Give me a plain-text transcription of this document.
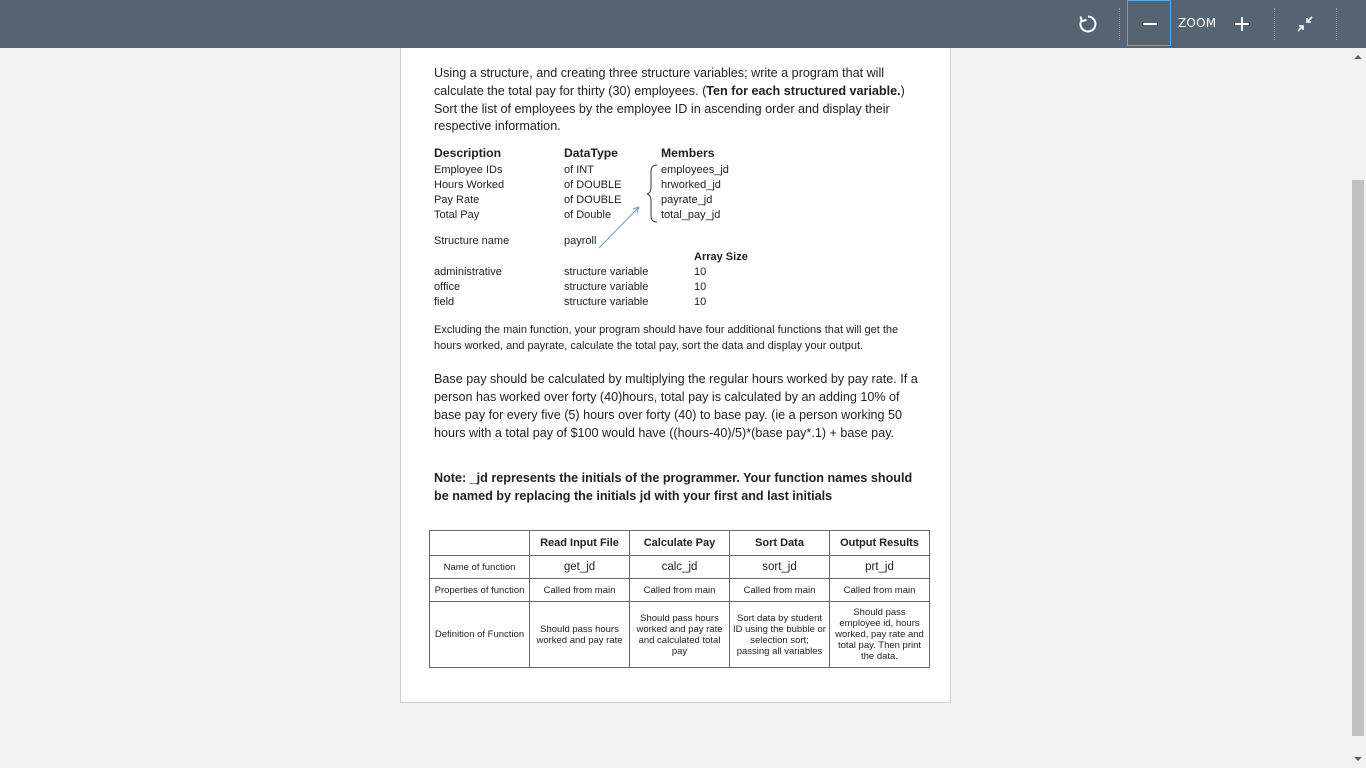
ZOOM
Using a structure, and creating three structure variables; write a program that will calculate the total pay for thirty (30) employees. (Ten for each structured variable.) Sort the list of employees by the employee ID in ascending order and display their respective information.
Description	DataType	Members
Employee IDs	of INT	employees_jd
Hours Worked	of DOUBLE	hrworked_jd
Pay Rate	of DOUBLE	payrate_jd
Total Pay	of Double	total_pay_jd
Structure name	payroll
Array Size
administrative	structure variable	10
office	structure variable	10
field	structure variable	10
Excluding the main function, your program should have four additional functions that will get the hours worked, and payrate, calculate the total pay, sort the data and display your output.
Base pay should be calculated by multiplying the regular hours worked by pay rate. If a person has worked over forty (40)hours, total pay is calculated by an adding 10% of base pay for every five (5) hours over forty (40) to base pay. (ie a person working 50 hours with a total pay of $100 would have ((hours-40)/5)*(base pay*.1) + base pay.
Note: _jd represents the initials of the programmer. Your function names should be named by replacing the initials jd with your first and last initials
	Read Input File	Calculate Pay	Sort Data	Output Results
Name of function	get_jd	calc_jd	sort_jd	prt_jd
Properties of function	Called from main	Called from main	Called from main	Called from main
Definition of Function	Should pass hours worked and pay rate	Should pass hours worked and pay rate and calculated total pay	Sort data by student ID using the bubble or selection sort; passing all variables	Should pass employee id, hours worked, pay rate and total pay. Then print the data.
